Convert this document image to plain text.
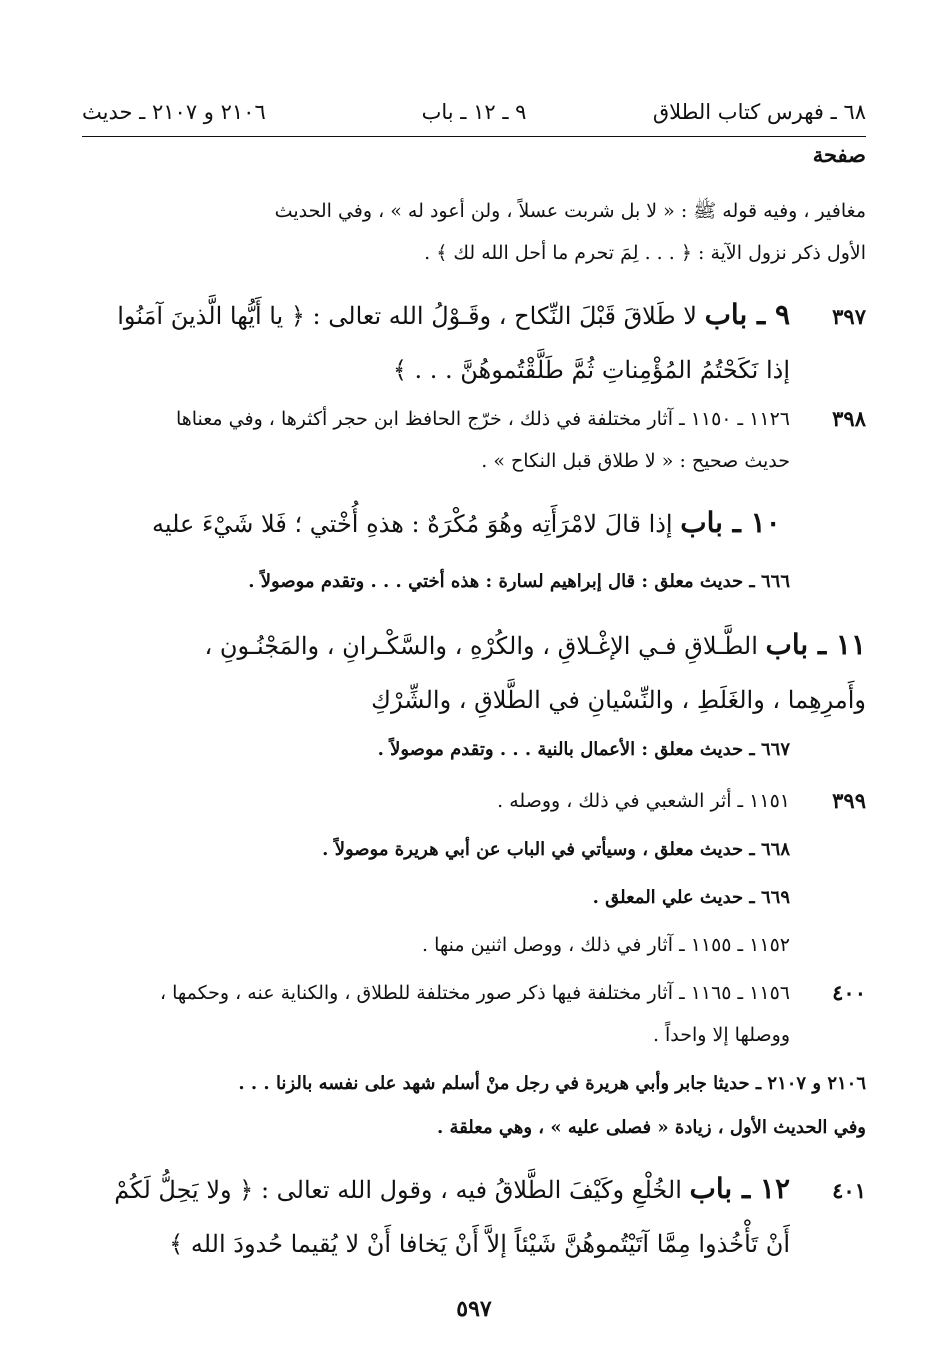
٦٨ ـ فهرس كتاب الطلاق
٩ ـ ١٢ ـ باب
٢١٠٦ و ٢١٠٧ ـ حديث
صفحة

مغافير ، وفيه قوله ﷺ : « لا بل شربت عسلاً ، ولن أعود له » ، وفي الحديث

الأول ذكر نزول الآية : ﴿ . . . لِمَ تحرم ما أحل الله لك ﴾ .

٣٩٧

٩ ـ باب لا طَلاقَ قَبْلَ النِّكاح ، وقَـوْلُ الله تعالى : ﴿ يا أَيُّها الَّذينَ آمَنُوا

إذا نَكَحْتُمُ المُؤْمِناتِ ثُمَّ طَلَّقْتُموهُنَّ . . . ﴾

٣٩٨

١١٢٦ ـ ١١٥٠ ـ آثار مختلفة في ذلك ، خرّج الحافظ ابن حجر أكثرها ، وفي معناها

حديث صحيح : « لا طلاق قبل النكاح » .

١٠ ـ باب إذا قالَ لامْرَأَتِه وهُوَ مُكْرَهٌ : هذهِ أُخْتي ؛ فَلا شَيْءَ عليه

٦٦٦ ـ حديث معلق : قال إبراهيم لسارة : هذه أختي . . . وتقدم موصولاً .

١١ ـ باب الطَّـلاقِ فـي الإغْـلاقِ ، والكُرْهِ ، والسَّكْـرانِ ، والمَجْنُـونِ ،

وأَمرِهِما ، والغَلَطِ ، والنِّسْيانِ في الطَّلاقِ ، والشِّرْكِ

٦٦٧ ـ حديث معلق : الأعمال بالنية . . . وتقدم موصولاً .

٣٩٩

١١٥١ ـ أثر الشعبي في ذلك ، ووصله .

٦٦٨ ـ حديث معلق ، وسيأتي في الباب عن أبي هريرة موصولاً .

٦٦٩ ـ حديث علي المعلق .

١١٥٢ ـ ١١٥٥ ـ آثار في ذلك ، ووصل اثنين منها .

٤٠٠

١١٥٦ ـ ١١٦٥ ـ آثار مختلفة فيها ذكر صور مختلفة للطلاق ، والكناية عنه ، وحكمها ،

ووصلها إلا واحداً .

٢١٠٦ و ٢١٠٧ ـ حديثا جابر وأبي هريرة في رجل منْ أسلم شهد على نفسه بالزنا . . .

وفي الحديث الأول ، زيادة « فصلى عليه » ، وهي معلقة .

٤٠١

١٢ ـ باب الخُلْعِ وكَيْفَ الطَّلاقُ فيه ، وقول الله تعالى : ﴿ ولا يَحِلُّ لَكُمْ

أَنْ تَأْخُذوا مِمَّا آتَيْتُموهُنَّ شَيْئاً إلاَّ أَنْ يَخافا أَنْ لا يُقيما حُدودَ الله ﴾

٥٩٧
